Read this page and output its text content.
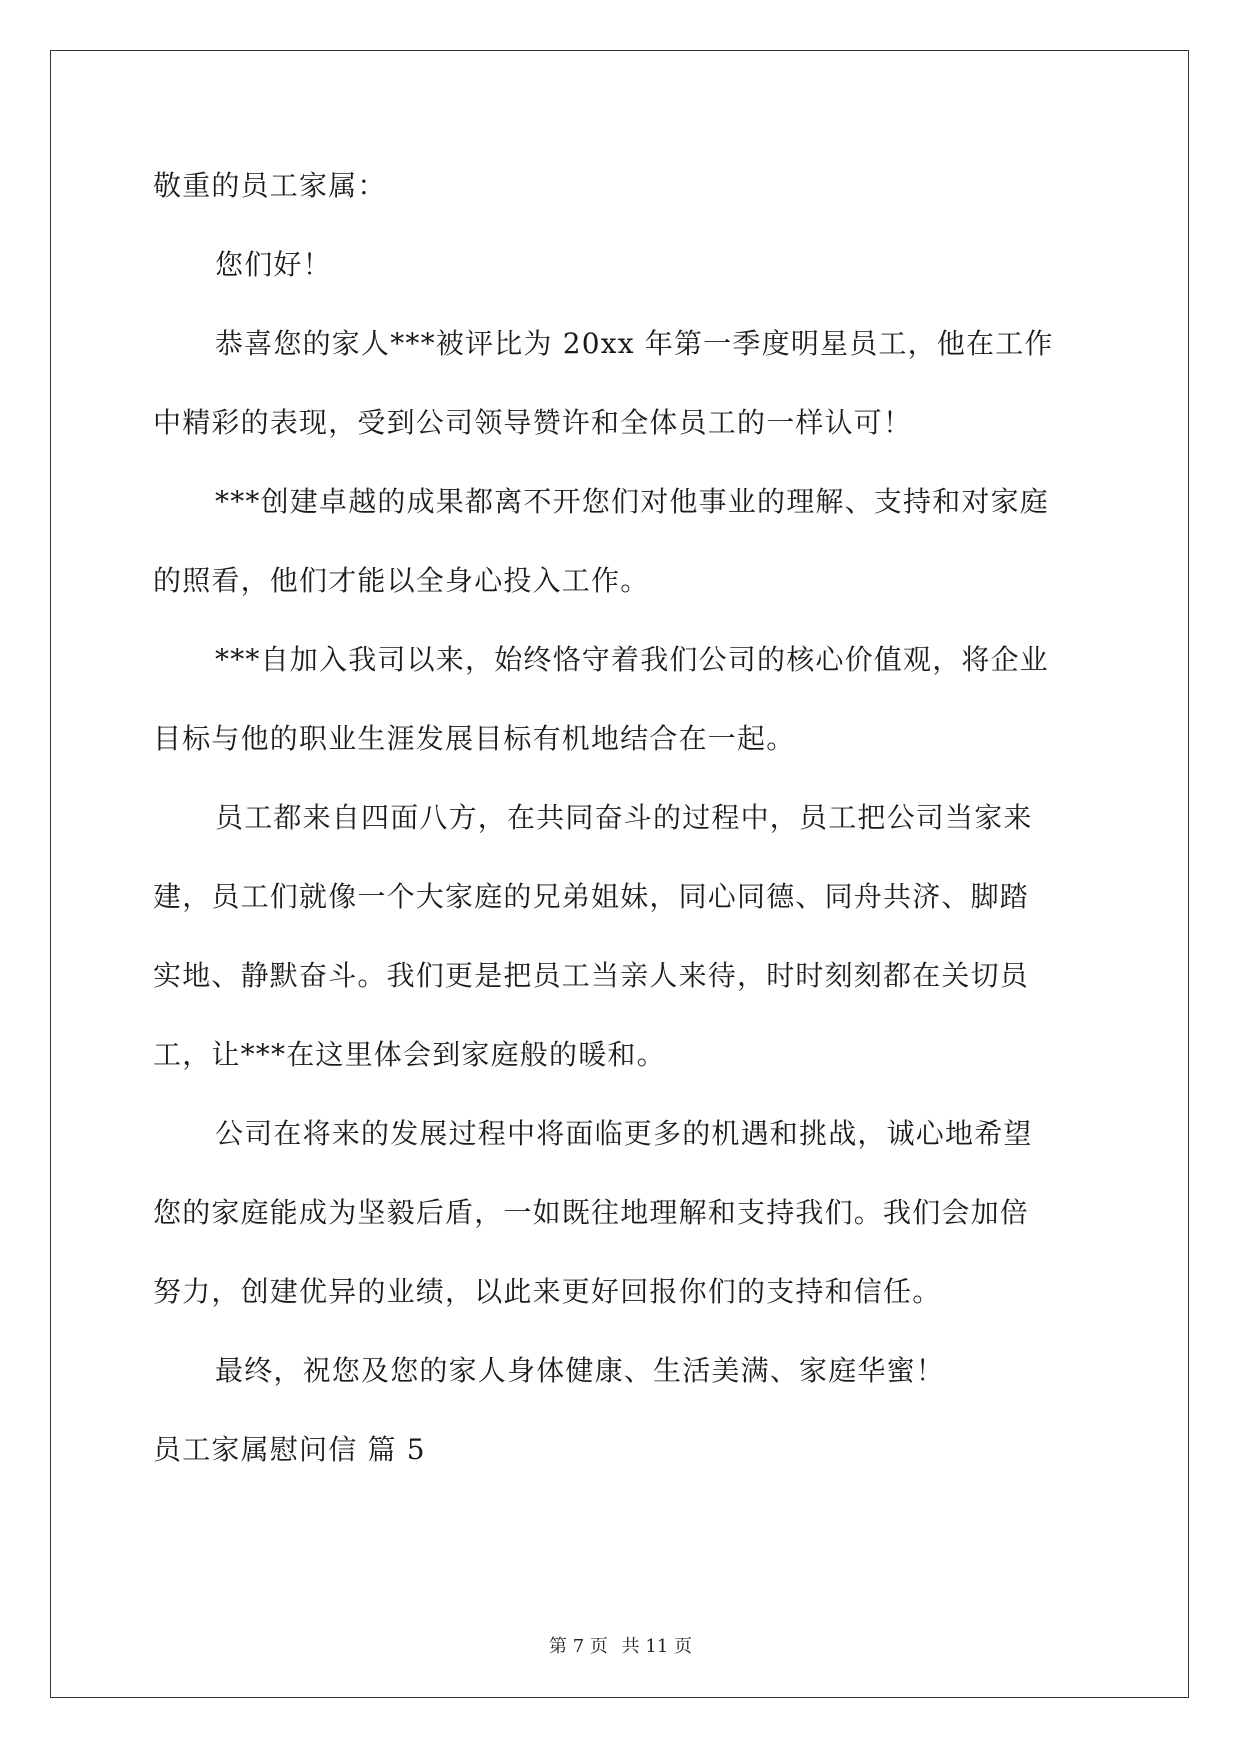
敬重的员工家属：
您们好！
恭喜您的家人***被评比为 20xx 年第一季度明星员工，他在工作
中精彩的表现，受到公司领导赞许和全体员工的一样认可！
***创建卓越的成果都离不开您们对他事业的理解、支持和对家庭
的照看，他们才能以全身心投入工作。
***自加入我司以来，始终恪守着我们公司的核心价值观，将企业
目标与他的职业生涯发展目标有机地结合在一起。
员工都来自四面八方，在共同奋斗的过程中，员工把公司当家来
建，员工们就像一个大家庭的兄弟姐妹，同心同德、同舟共济、脚踏
实地、静默奋斗。我们更是把员工当亲人来待，时时刻刻都在关切员
工，让***在这里体会到家庭般的暖和。
公司在将来的发展过程中将面临更多的机遇和挑战，诚心地希望
您的家庭能成为坚毅后盾，一如既往地理解和支持我们。我们会加倍
努力，创建优异的业绩，以此来更好回报你们的支持和信任。
最终，祝您及您的家人身体健康、生活美满、家庭华蜜！
员工家属慰问信 篇 5
第 7 页 共 11 页
